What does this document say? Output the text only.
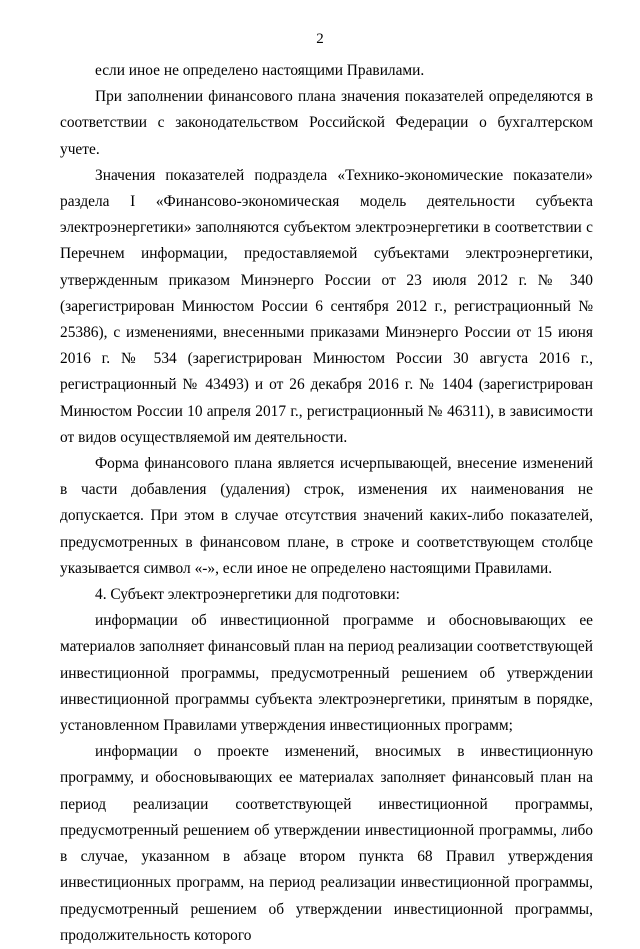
2

если иное не определено настоящими Правилами.

При заполнении финансового плана значения показателей определяются в соответствии с законодательством Российской Федерации о бухгалтерском учете.

Значения показателей подраздела «Технико-экономические показатели» раздела I «Финансово-экономическая модель деятельности субъекта электроэнергетики» заполняются субъектом электроэнергетики в соответствии с Перечнем информации, предоставляемой субъектами электроэнергетики, утвержденным приказом Минэнерго России от 23 июля 2012 г. № 340 (зарегистрирован Минюстом России 6 сентября 2012 г., регистрационный № 25386), с изменениями, внесенными приказами Минэнерго России от 15 июня 2016 г. № 534 (зарегистрирован Минюстом России 30 августа 2016 г., регистрационный № 43493) и от 26 декабря 2016 г. № 1404 (зарегистрирован Минюстом России 10 апреля 2017 г., регистрационный № 46311), в зависимости от видов осуществляемой им деятельности.

Форма финансового плана является исчерпывающей, внесение изменений в части добавления (удаления) строк, изменения их наименования не допускается. При этом в случае отсутствия значений каких-либо показателей, предусмотренных в финансовом плане, в строке и соответствующем столбце указывается символ «-», если иное не определено настоящими Правилами.

4. Субъект электроэнергетики для подготовки:

информации об инвестиционной программе и обосновывающих ее материалов заполняет финансовый план на период реализации соответствующей инвестиционной программы, предусмотренный решением об утверждении инвестиционной программы субъекта электроэнергетики, принятым в порядке, установленном Правилами утверждения инвестиционных программ;

информации о проекте изменений, вносимых в инвестиционную программу, и обосновывающих ее материалах заполняет финансовый план на период реализации соответствующей инвестиционной программы, предусмотренный решением об утверждении инвестиционной программы, либо в случае, указанном в абзаце втором пункта 68 Правил утверждения инвестиционных программ, на период реализации инвестиционной программы, предусмотренный решением об утверждении инвестиционной программы, продолжительность которого
